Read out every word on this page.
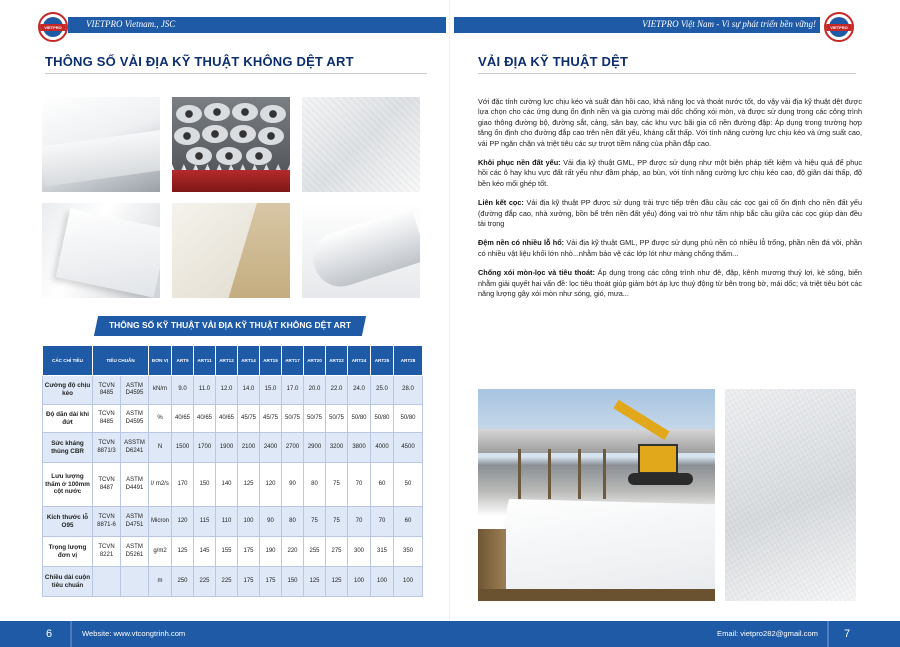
VIETPRO Vietnam., JSC	VIETPRO Việt Nam - Vì sự phát triển bền vững!
VIETPRO	VIETPRO
THÔNG SỐ VẢI ĐỊA KỸ THUẬT KHÔNG DỆT ART	VẢI ĐỊA KỸ THUẬT DỆT
THÔNG SỐ KỸ THUẬT VẢI ĐỊA KỸ THUẬT KHÔNG DỆT ART
CÁC CHỈ TIÊU	TIÊU CHUẨN		ĐƠN VỊ	ART9	ART11	ART12	ART14	ART15	ART17	ART20	ART22	ART24	ART25	ART28
Cường độ chịu kéo	TCVN 8485	ASTM D4595	kN/m	9.0	11.0	12.0	14.0	15.0	17.0	20.0	22.0	24.0	25.0	28.0
Độ dãn dài khi đứt	TCVN 8485	ASTM D4595	%	40/65	40/65	40/65	45/75	45/75	50/75	50/75	50/75	50/80	50/80	50/80
Sức kháng thủng CBR	TCVN 8871/3	ASSTM D6241	N	1500	1700	1900	2100	2400	2700	2900	3200	3800	4000	4500
Lưu lượng thấm ở 100mm cột nước	TCVN 8487	ASTM D4491	l/ m2/s	170	150	140	125	120	90	80	75	70	60	50
Kích thước lỗ O95	TCVN 8871-6	ASTM D4751	Micron	120	115	110	100	90	80	75	75	70	70	60
Trọng lượng đơn vị	TCVN 8221	ASTM D5261	g/m2	125	145	155	175	190	220	255	275	300	315	350
Chiều dài cuộn tiêu chuẩn			m	250	225	225	175	175	150	125	125	100	100	100

Với đặc tính cường lực chịu kéo và suất đàn hồi cao, khả năng lọc và thoát nước tốt, do vậy vải địa kỹ thuật dệt được lựa chọn cho các ứng dụng ổn định nền và gia cường mái dốc chống xói mòn, và được sử dụng trong các công trình giao thông đường bộ, đường sắt, cảng, sân bay, các khu vực bãi gia cố nền đường đập: Áp dụng trong trường hợp tăng ổn định cho đường đắp cao trên nền đất yếu, kháng cắt thấp. Với tính năng cường lực chịu kéo và ứng suất cao, vải PP ngăn chặn và triệt tiêu các sự trượt tiềm năng của phần đắp cao.

Khôi phục nền đất yếu: Vải địa kỹ thuật GML, PP được sử dụng như một biện pháp tiết kiệm và hiệu quả để phục hồi các ô hay khu vực đất rất yếu như đầm pháp, ao bùn, với tính năng cường lực chịu kéo cao, độ giãn dài thấp, độ bền kéo mối ghép tốt.

Liên kết cọc: Vải địa kỹ thuật PP được sử dụng trải trực tiếp trên đầu cầu các cọc gai cố ổn định cho nền đất yếu (đường đắp cao, nhà xưởng, bồn bể trên nền đất yếu) đóng vai trò như tấm nhịp bắc cầu giữa các cọc giúp dàn đều tải trọng

Đệm nền có nhiều lỗ hổ: Vải địa kỹ thuật GML, PP được sử dụng phủ nền có nhiều lỗ trống, phần nền đá vôi, phần có nhiều vật liệu khối lớn nhỏ...nhằm bảo vệ các lớp lót như màng chống thấm...

Chống xói mòn-lọc và tiêu thoát: Áp dụng trong các công trình như đê, đập, kênh mương thuỷ lợi, kè sông, biển nhằm giải quyết hai vấn đề: lọc tiêu thoát giúp giảm bớt áp lực thuỷ động từ bên trong bờ, mái dốc; và triệt tiêu bớt các năng lượng gây xói mòn như sóng, gió, mưa...

6	Website: www.vtcongtrinh.com	Email: vietpro282@gmail.com 7
